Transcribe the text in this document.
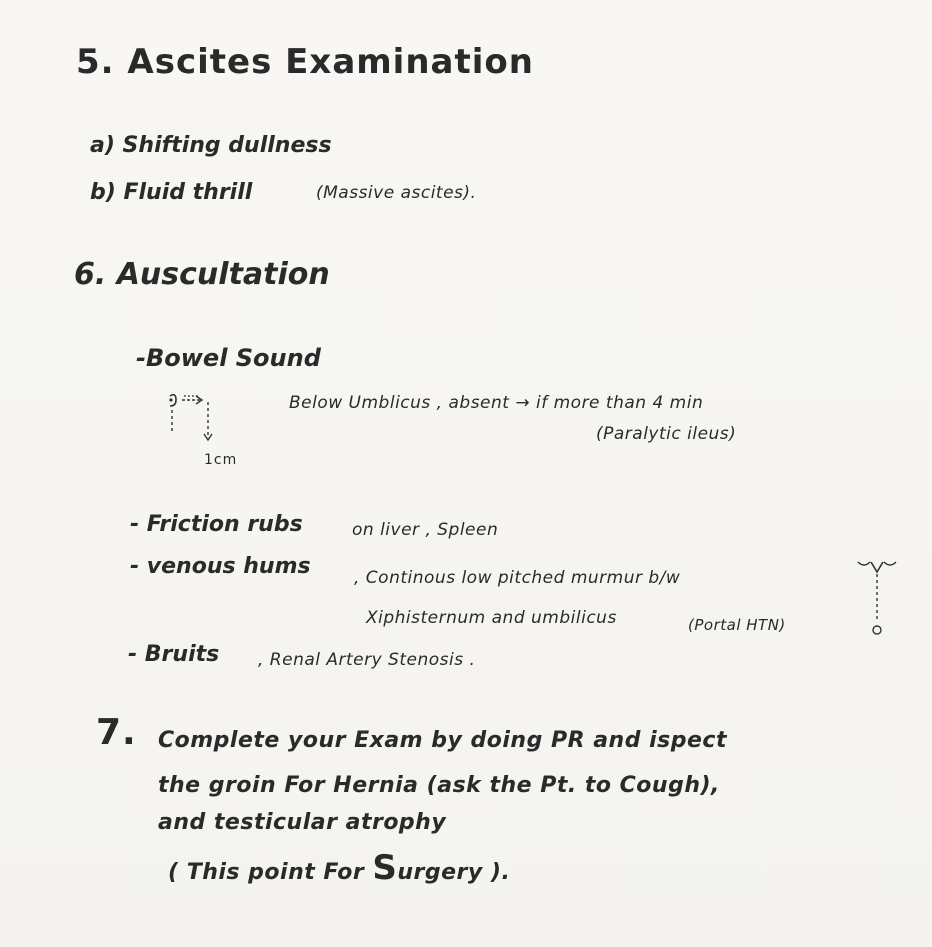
5. Ascites Examination
a) Shifting dullness
b) Fluid thrill	(Massive ascites).
6. Auscultation
-Bowel Sound
1cm
Below Umblicus , absent → if more than 4 min
(Paralytic ileus)
- Friction rubs	on liver , Spleen
- venous hums	, Continous low pitched murmur b/w
Xiphisternum and umbilicus	(Portal HTN)
- Bruits , Renal Artery Stenosis .
7. Complete your Exam by doing PR and ispect
the groin For Hernia (ask the Pt. to Cough),
and testicular atrophy
( This point For Surgery ).
